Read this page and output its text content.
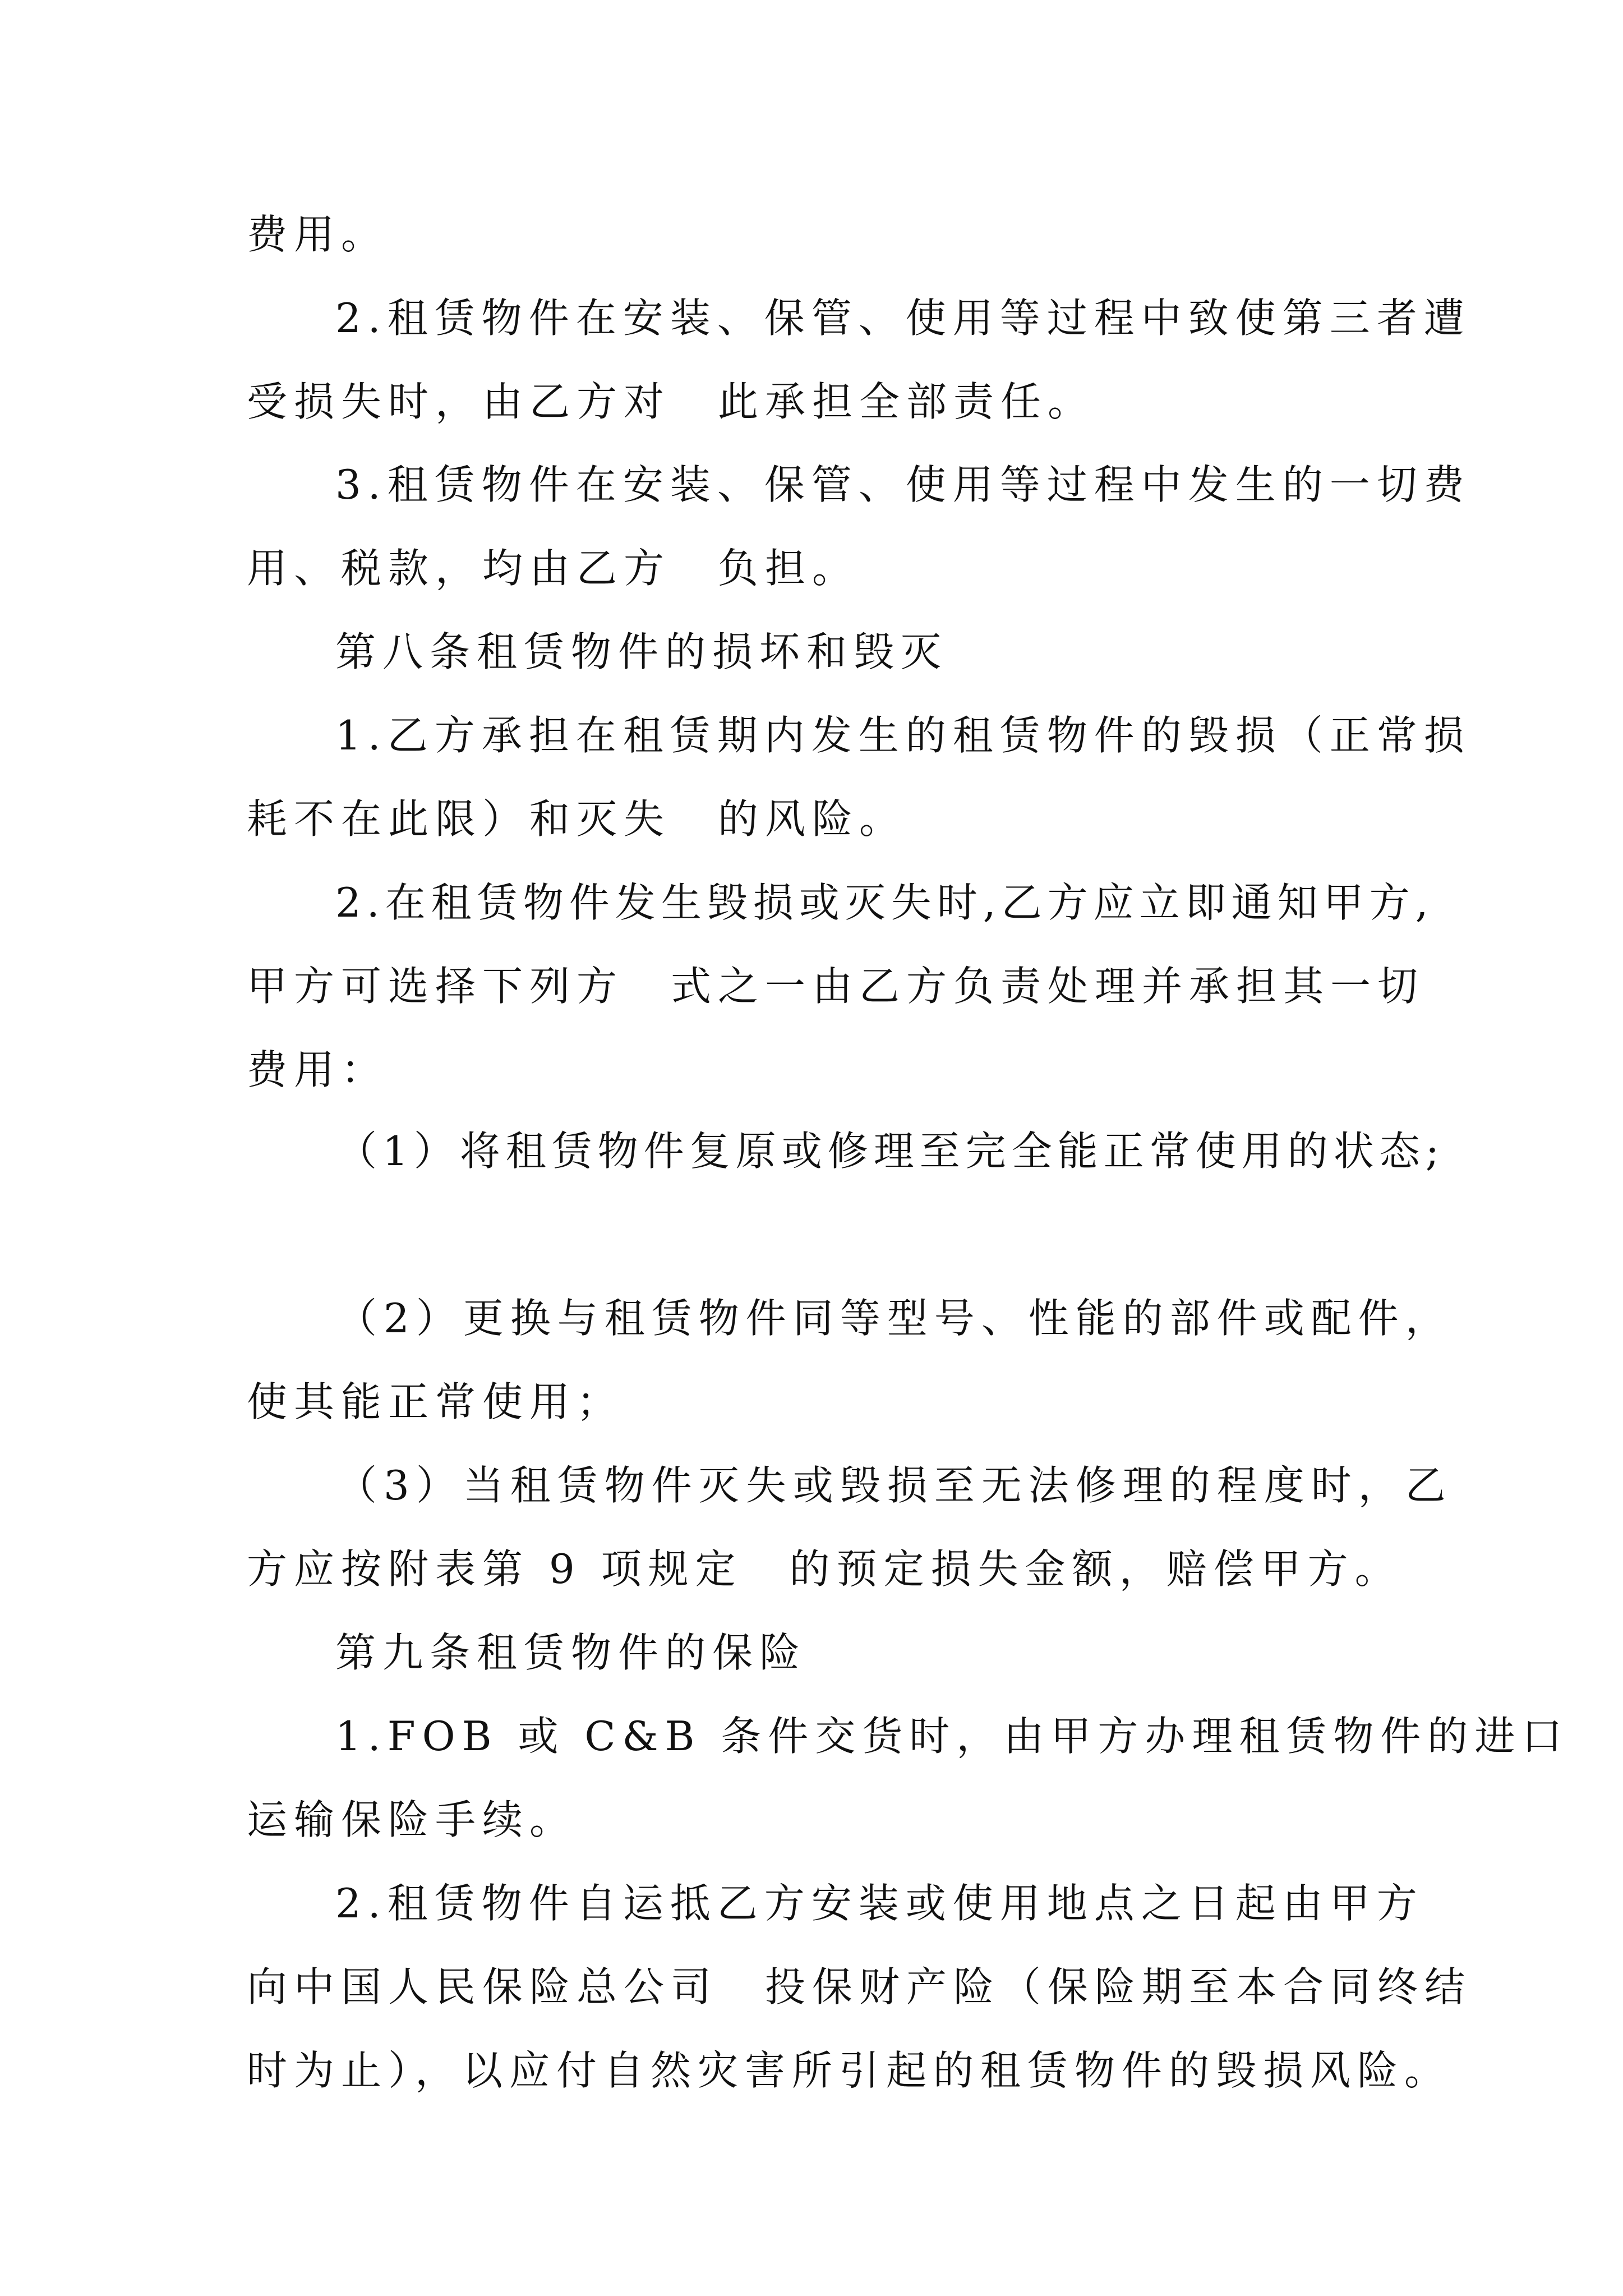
费用。
2.租赁物件在安装、保管、使用等过程中致使第三者遭
受损失时，由乙方对　此承担全部责任。
3.租赁物件在安装、保管、使用等过程中发生的一切费
用、税款，均由乙方　负担。
第八条租赁物件的损坏和毁灭
1.乙方承担在租赁期内发生的租赁物件的毁损（正常损
耗不在此限）和灭失　的风险。
2.在租赁物件发生毁损或灭失时,乙方应立即通知甲方,
甲方可选择下列方　式之一由乙方负责处理并承担其一切
费用：
（1）将租赁物件复原或修理至完全能正常使用的状态;
（2）更换与租赁物件同等型号、性能的部件或配件，
使其能正常使用；
（3）当租赁物件灭失或毁损至无法修理的程度时，乙
方应按附表第 9 项规定　的预定损失金额，赔偿甲方。
第九条租赁物件的保险
1.FOB 或 C&B 条件交货时，由甲方办理租赁物件的进口
运输保险手续。
2.租赁物件自运抵乙方安装或使用地点之日起由甲方
向中国人民保险总公司　投保财产险（保险期至本合同终结
时为止），以应付自然灾害所引起的租赁物件的毁损风险。
